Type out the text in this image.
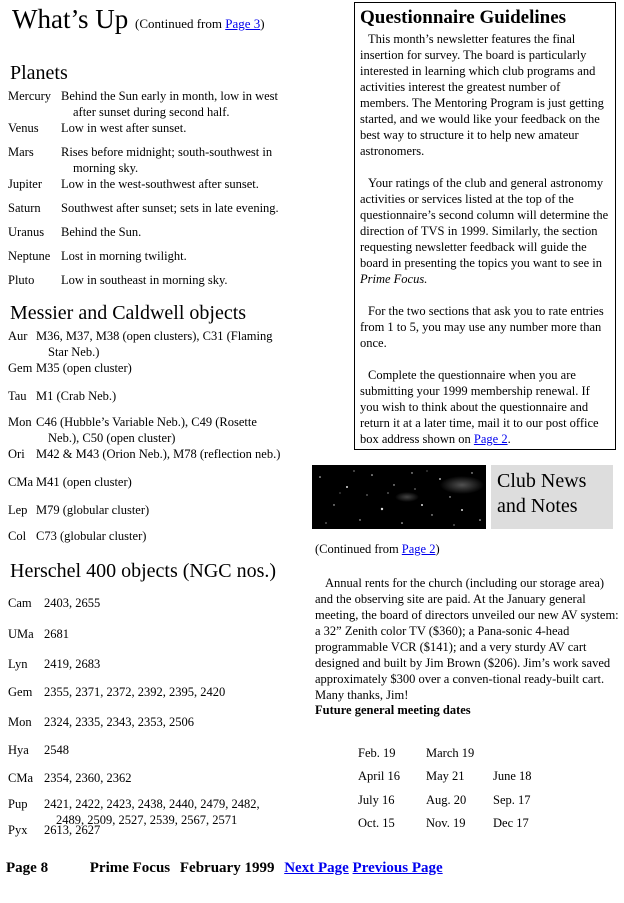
What’s Up (Continued from Page 3)
Planets
Messier and Caldwell objects
Herschel 400 objects (NGC nos.)
Mercury Behind the Sun early in month, low in west
after sunset during second half.
Venus Low in west after sunset.
Mars Rises before midnight; south-southwest in
morning sky.
Jupiter Low in the west-southwest after sunset.
Saturn Southwest after sunset; sets in late evening.
Uranus Behind the Sun.
Neptune Lost in morning twilight.
Pluto Low in southeast in morning sky.
Aur M36, M37, M38 (open clusters), C31 (Flaming
Star Neb.)
Gem M35 (open cluster)
Tau M1 (Crab Neb.)
Mon C46 (Hubble’s Variable Neb.), C49 (Rosette
Neb.), C50 (open cluster)
Ori M42 & M43 (Orion Neb.), M78 (reflection neb.)
CMa M41 (open cluster)
Lep M79 (globular cluster)
Col C73 (globular cluster)
Cam 2403, 2655
UMa 2681
Lyn 2419, 2683
Gem 2355, 2371, 2372, 2392, 2395, 2420
Mon 2324, 2335, 2343, 2353, 2506
Hya 2548
CMa 2354, 2360, 2362
Pup 2421, 2422, 2423, 2438, 2440, 2479, 2482,
2489, 2509, 2527, 2539, 2567, 2571
Pyx 2613, 2627
Questionnaire Guidelines

This month’s newsletter features the final insertion for survey. The board is particularly interested in learning which club programs and activities interest the greatest number of members. The Mentoring Program is just getting started, and we would like your feedback on the best way to structure it to help new amateur astronomers.

Your ratings of the club and general astronomy activities or services listed at the top of the questionnaire’s second column will determine the direction of TVS in 1999. Similarly, the section requesting newsletter feedback will guide the board in presenting the topics you want to see in Prime Focus.

For the two sections that ask you to rate entries from 1 to 5, you may use any number more than once.

Complete the questionnaire when you are submitting your 1999 membership renewal. If you wish to think about the questionnaire and return it at a later time, mail it to our post office box address shown on Page 2.

Club News
and Notes
(Continued from Page 2)

Annual rents for the church (including our storage area) and the observing site are paid. At the January general meeting, the board of directors unveiled our new AV system: a 32” Zenith color TV ($360); a Pana-sonic 4-head programmable VCR ($141); and a very sturdy AV cart designed and built by Jim Brown ($206). Jim’s work saved approximately $300 over a conven-tional ready-built cart. Many thanks, Jim!

Future general meeting dates
Feb. 19 March 19
April 16 May 21 June 18
July 16	Aug. 20 Sep. 17
Oct. 15 Nov. 19 Dec 17
Page 8	Prime Focus February 1999 Next Page Previous Page
